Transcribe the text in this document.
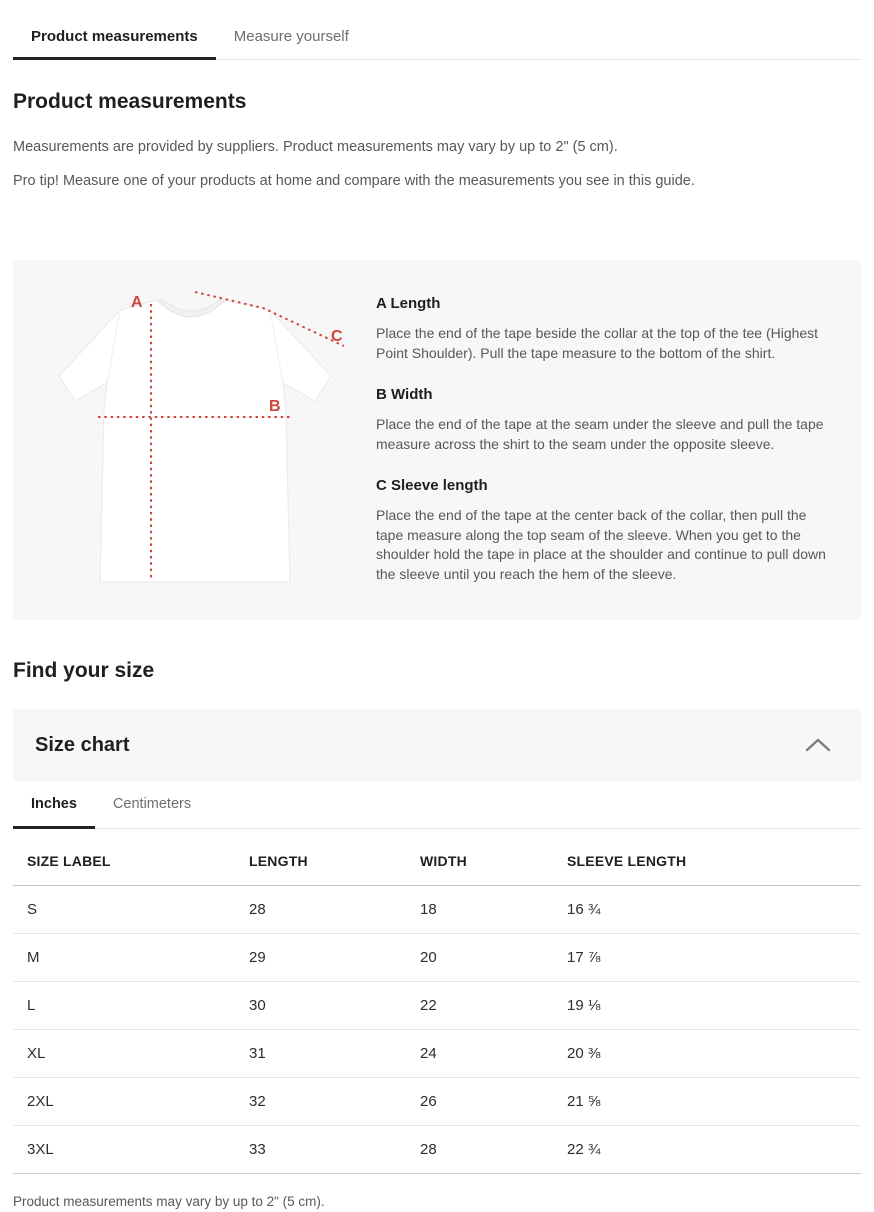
Product measurements	Measure yourself
Product measurements

Measurements are provided by suppliers. Product measurements may vary by up to 2" (5 cm).

Pro tip! Measure one of your products at home and compare with the measurements you see in this guide.

A
B
C
A Length

Place the end of the tape beside the collar at the top of the tee (Highest Point Shoulder). Pull the tape measure to the bottom of the shirt.

B Width

Place the end of the tape at the seam under the sleeve and pull the tape measure across the shirt to the seam under the opposite sleeve.

C Sleeve length

Place the end of the tape at the center back of the collar, then pull the tape measure along the top seam of the sleeve. When you get to the shoulder hold the tape in place at the shoulder and continue to pull down the sleeve until you reach the hem of the sleeve.

Find your size
Size chart
Inches	Centimeters
SIZE LABEL	LENGTH	WIDTH	SLEEVE LENGTH
S	28	18	16 ¾
M	29	20	17 ⅞
L	30	22	19 ⅛
XL	31	24	20 ⅜
2XL	32	26	21 ⅝
3XL	33	28	22 ¾

Product measurements may vary by up to 2" (5 cm).
